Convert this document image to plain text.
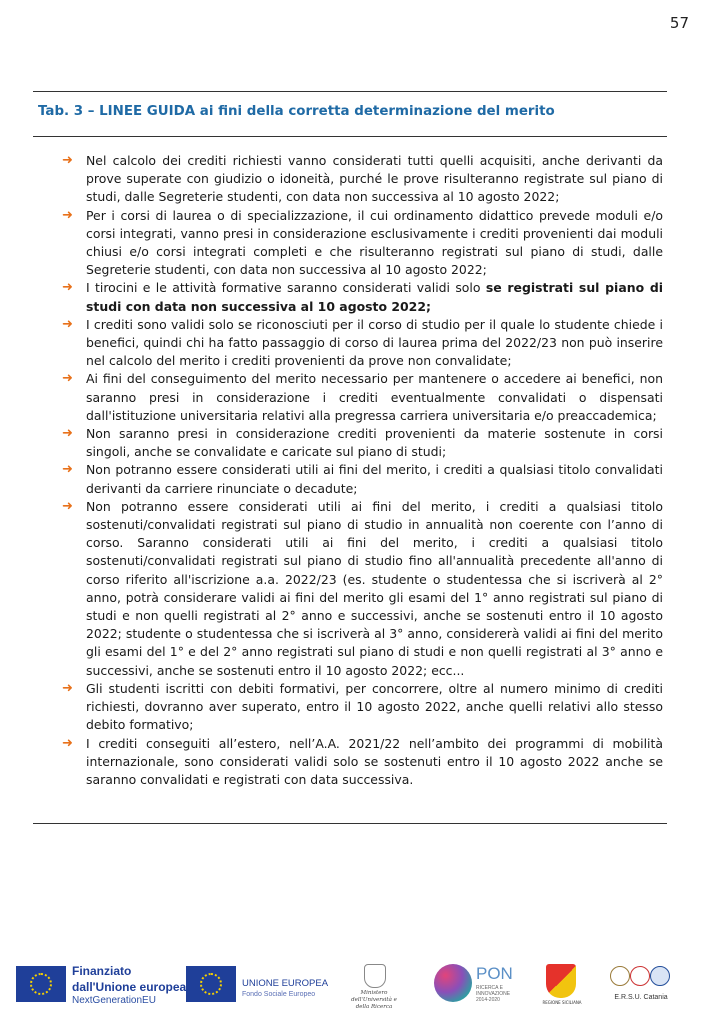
57
Tab. 3 – LINEE GUIDA ai fini della corretta determinazione del merito
➜ Nel calcolo dei crediti richiesti vanno considerati tutti quelli acquisiti, anche derivanti da prove superate con giudizio o idoneità, purché le prove risulteranno registrate sul piano di studi, dalle Segreterie studenti, con data non successiva al 10 agosto 2022;
➜ Per i corsi di laurea o di specializzazione, il cui ordinamento didattico prevede moduli e/o corsi integrati, vanno presi in considerazione esclusivamente i crediti provenienti dai moduli chiusi e/o corsi integrati completi e che risulteranno registrati sul piano di studi, dalle Segreterie studenti, con data non successiva al 10 agosto 2022;
➜ I tirocini e le attività formative saranno considerati validi solo se registrati sul piano di studi con data non successiva al 10 agosto 2022;
➜ I crediti sono validi solo se riconosciuti per il corso di studio per il quale lo studente chiede i benefici, quindi chi ha fatto passaggio di corso di laurea prima del 2022/23 non può inserire nel calcolo del merito i crediti provenienti da prove non convalidate;
➜ Ai fini del conseguimento del merito necessario per mantenere o accedere ai benefici, non saranno presi in considerazione i crediti eventualmente convalidati o dispensati dall'istituzione universitaria relativi alla pregressa carriera universitaria e/o preaccademica;
➜ Non saranno presi in considerazione crediti provenienti da materie sostenute in corsi singoli, anche se convalidate e caricate sul piano di studi;
➜ Non potranno essere considerati utili ai fini del merito, i crediti a qualsiasi titolo convalidati derivanti da carriere rinunciate o decadute;
➜ Non potranno essere considerati utili ai fini del merito, i crediti a qualsiasi titolo sostenuti/convalidati registrati sul piano di studio in annualità non coerente con l’anno di corso. Saranno considerati utili ai fini del merito, i crediti a qualsiasi titolo sostenuti/convalidati registrati sul piano di studio fino all'annualità precedente all'anno di corso riferito all'iscrizione a.a. 2022/23 (es. studente o studentessa che si iscriverà al 2° anno, potrà considerare validi ai fini del merito gli esami del 1° anno registrati sul piano di studi e non quelli registrati al 2° anno e successivi, anche se sostenuti entro il 10 agosto 2022; studente o studentessa che si iscriverà al 3° anno, considererà validi ai fini del merito gli esami del 1° e del 2° anno registrati sul piano di studi e non quelli registrati al 3° anno e successivi, anche se sostenuti entro il 10 agosto 2022; ecc...
➜ Gli studenti iscritti con debiti formativi, per concorrere, oltre al numero minimo di crediti richiesti, dovranno aver superato, entro il 10 agosto 2022, anche quelli relativi allo stesso debito formativo;
➜ I crediti conseguiti all’estero, nell’A.A. 2021/22 nell’ambito dei programmi di mobilità internazionale, sono considerati validi solo se sostenuti entro il 10 agosto 2022 anche se saranno convalidati e registrati con data successiva.
Finanziato
dall'Unione europea
NextGenerationEU
UNIONE EUROPEA
Fondo Sociale Europeo	Ministero dell'Università e della Ricerca
PON
RICERCA E INNOVAZIONE 2014-2020	REGIONE SICILIANA
E.R.S.U. Catania
